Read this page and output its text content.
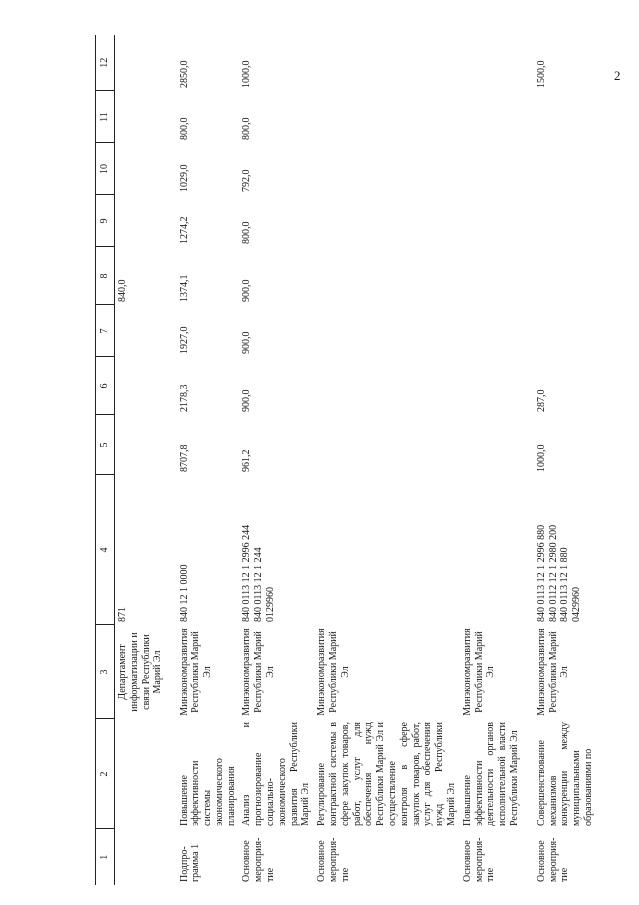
2
1	2	3	4	5	6	7	8	9	10	11	12
		Департамент информатизации и связи Республики Марий Эл	871				840,0				
Подпро-грамма 1	Повышение эффективности системы экономического планирования	Минэкономразвития Республики Марий Эл	840 12 1 0000	8707,8	2178,3	1927,0	1374,1	1274,2	1029,0	800,0	2850,0
Основное мероприя-тие	Анализ и прогнозирование социально-экономического развития Республики Марий Эл	Минэкономразвития Республики Марий Эл	840 0113 12 1 2996 244
840 0113 12 1 244
0129960	961,2	900,0	900,0	900,0	800,0	792,0	800,0	1000,0
Основное мероприя-тие	Регулирование контрактной системы в сфере закупок товаров, работ, услуг для обеспечения нужд Республики Марий Эл и осуществление контроля в сфере закупок товаров, работ, услуг для обеспечения нужд Республики Марий Эл	Минэкономразвития Республики Марий Эл									
Основное мероприя-тие	Повышение эффективности деятельности органов исполнительной власти Республики Марий Эл	Минэкономразвития Республики Марий Эл									
Основное мероприя-тие	Совершенствование механизмов конкуренции между муниципальными образованиями по	Минэкономразвития Республики Марий Эл	840 0113 12 1 2996 880
840 0112 12 1 2980 200
840 0113 12 1 880
0429960	1000,0	287,0						1500,0
